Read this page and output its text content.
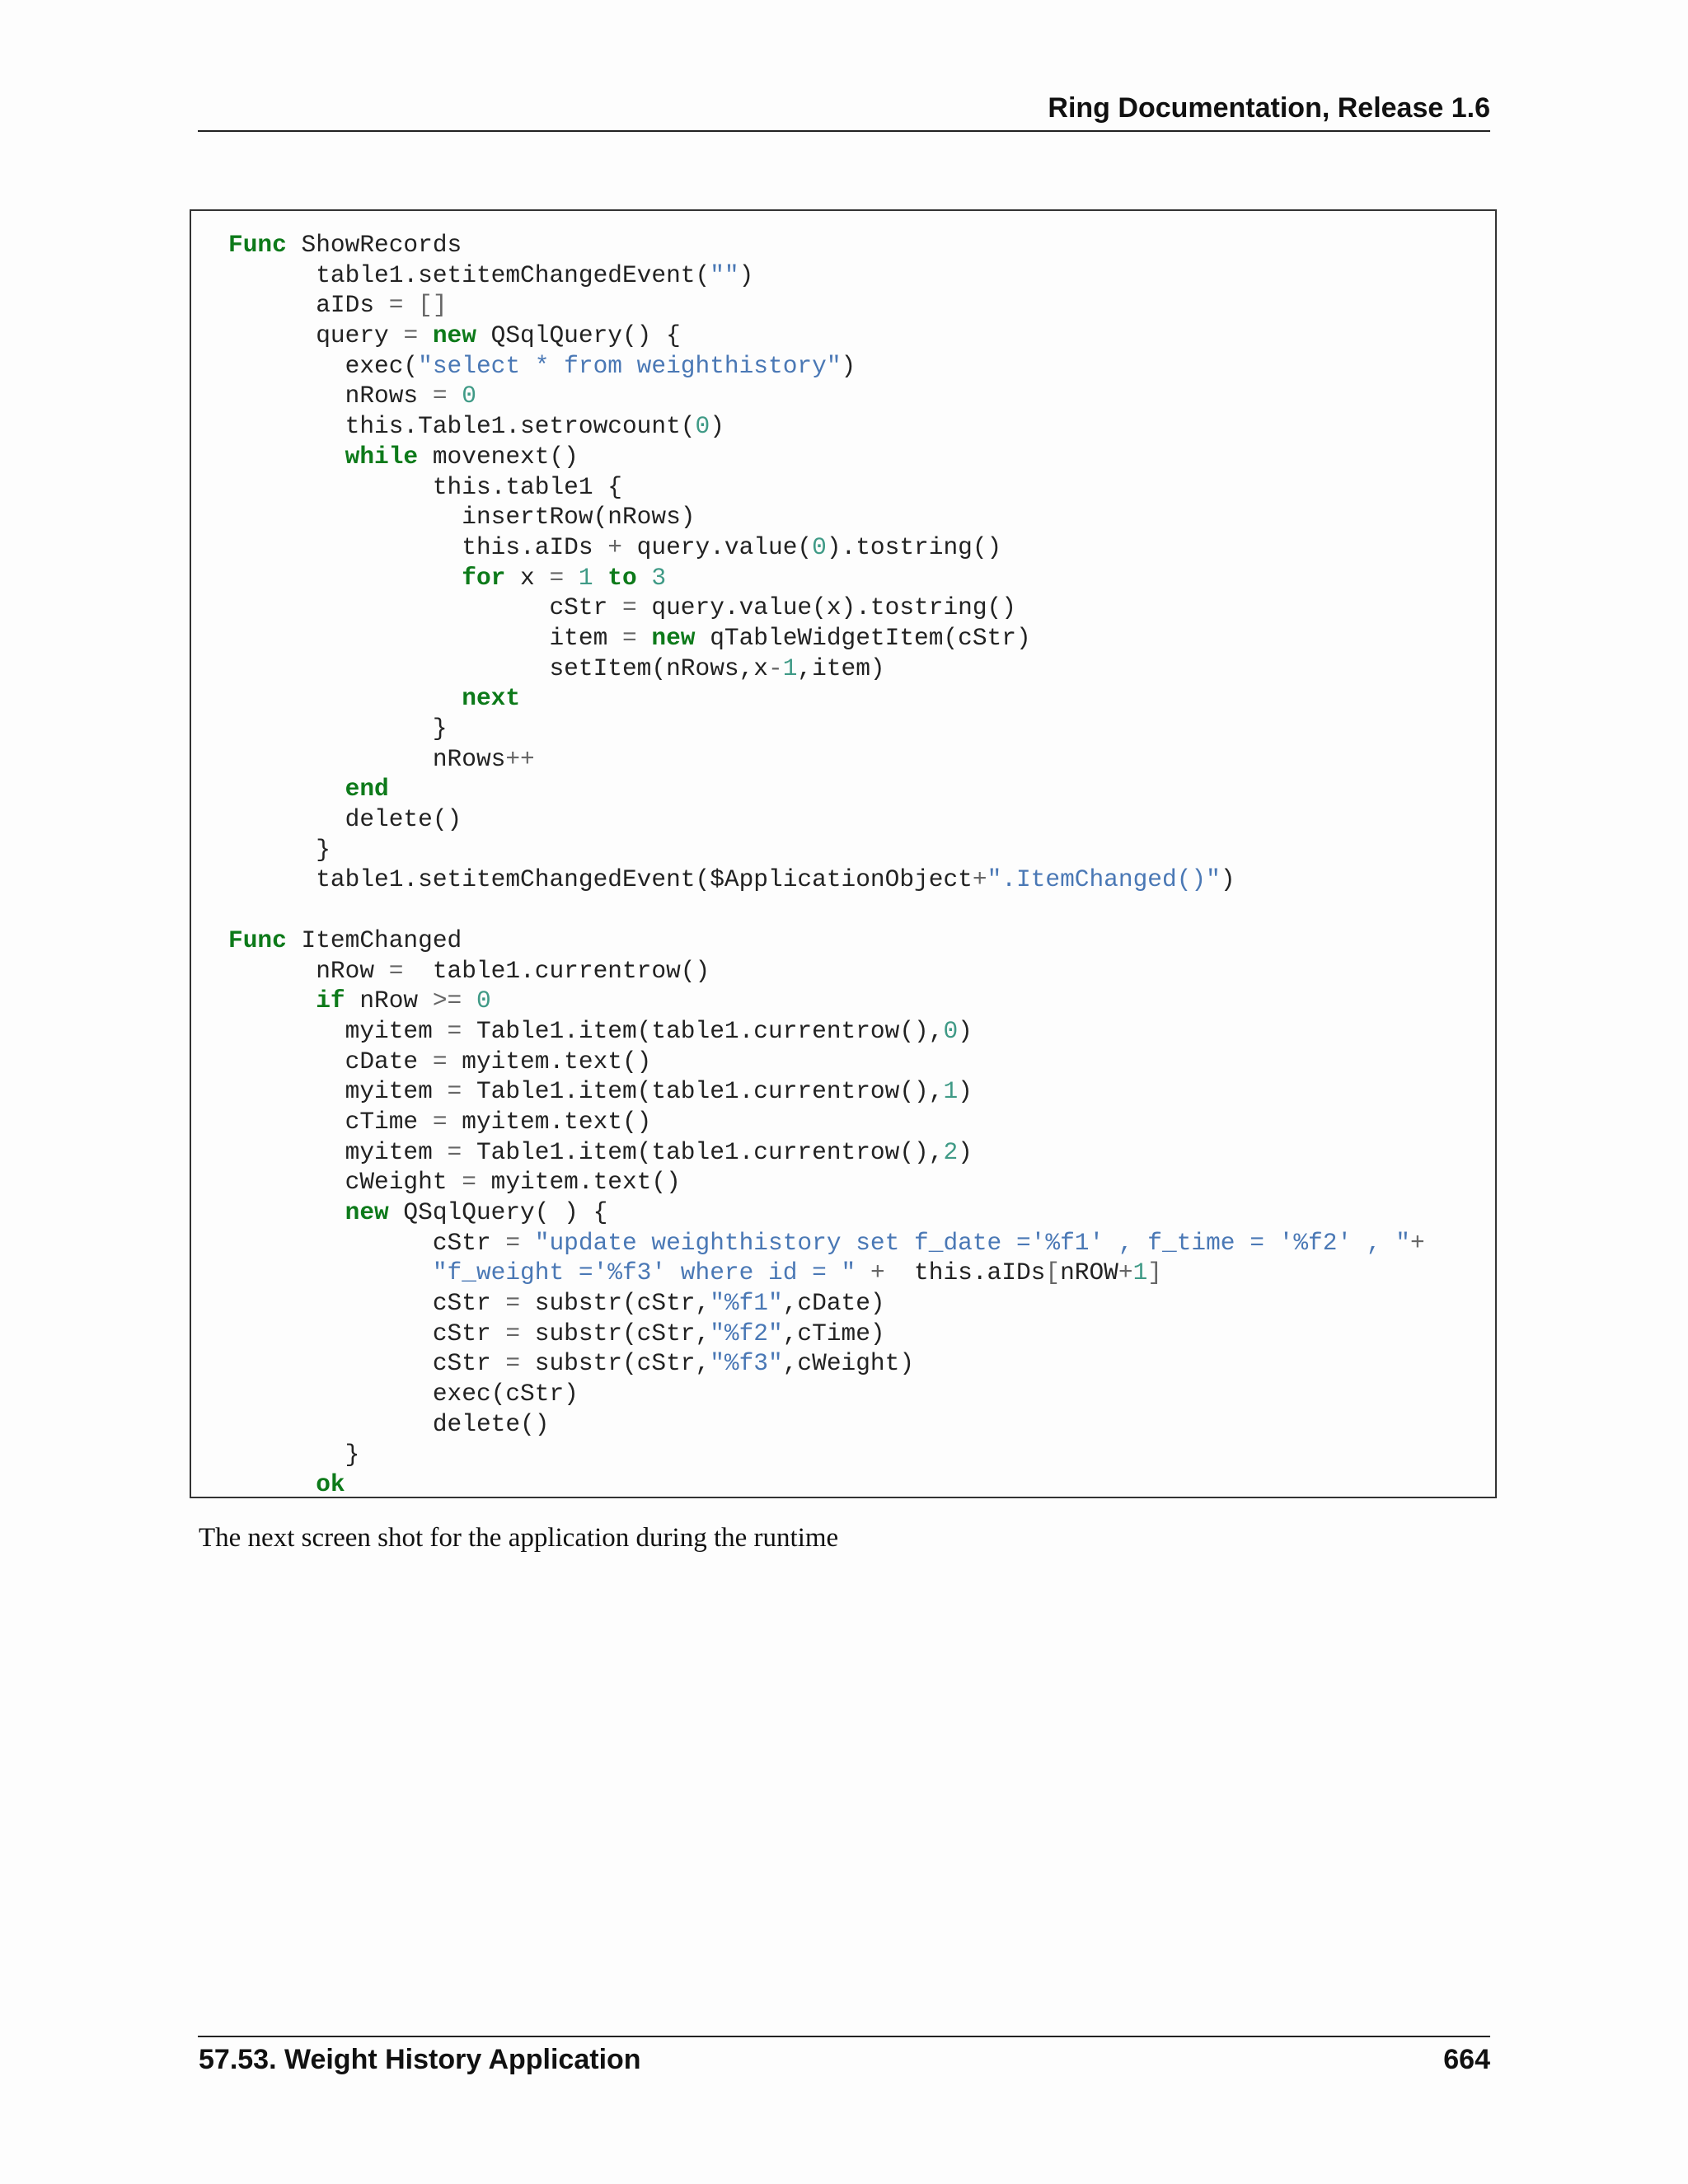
Ring Documentation, Release 1.6
Func ShowRecords
table1.setitemChangedEvent("")
aIDs = []
query = new QSqlQuery() {
exec("select * from weighthistory")
nRows = 0
this.Table1.setrowcount(0)
while movenext()
this.table1 {
insertRow(nRows)
this.aIDs + query.value(0).tostring()
for x = 1 to 3
cStr = query.value(x).tostring()
item = new qTableWidgetItem(cStr)
setItem(nRows,x-1,item)
next
}
nRows++
end
delete()
}
table1.setitemChangedEvent($ApplicationObject+".ItemChanged()")
Func ItemChanged
nRow =  table1.currentrow()
if nRow >= 0
myitem = Table1.item(table1.currentrow(),0)
cDate = myitem.text()
myitem = Table1.item(table1.currentrow(),1)
cTime = myitem.text()
myitem = Table1.item(table1.currentrow(),2)
cWeight = myitem.text()
new QSqlQuery( ) {
cStr = "update weighthistory set f_date ='%f1' , f_time = '%f2' , "+
"f_weight ='%f3' where id = " +  this.aIDs[nROW+1]
cStr = substr(cStr,"%f1",cDate)
cStr = substr(cStr,"%f2",cTime)
cStr = substr(cStr,"%f3",cWeight)
exec(cStr)
delete()
}
ok
The next screen shot for the application during the runtime
57.53. Weight History Application	664
